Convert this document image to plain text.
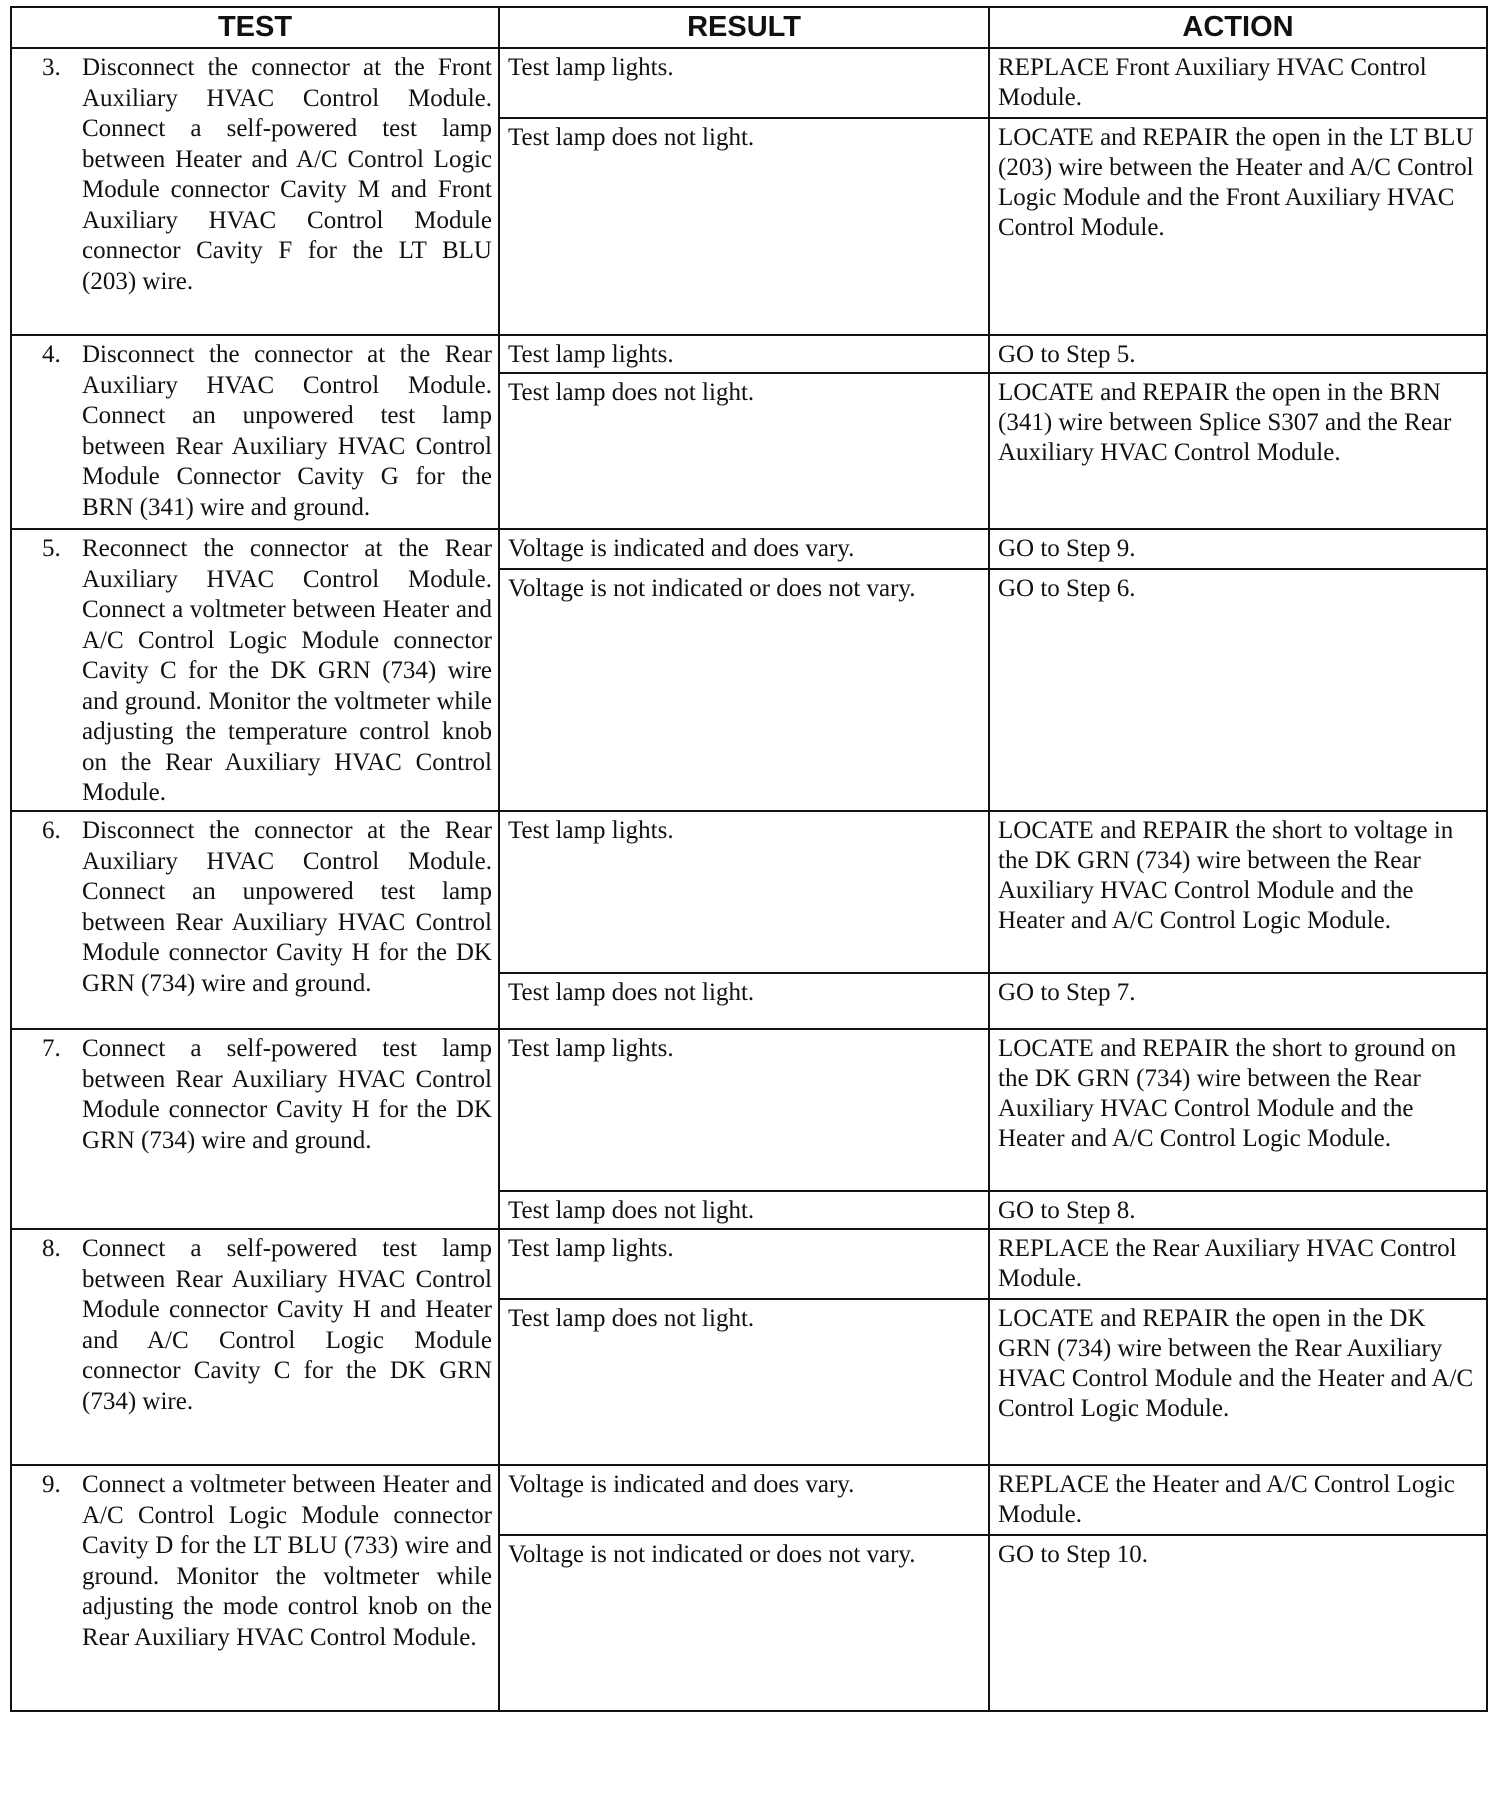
TEST	RESULT	ACTION

3. Disconnect the connector at the Front Auxiliary HVAC Control Module. Connect a self-powered test lamp between Heater and A/C Control Logic Module connector Cavity M and Front Auxiliary HVAC Control Module connector Cavity F for the LT BLU (203) wire.	Test lamp lights.	REPLACE Front Auxiliary HVAC Control Module.
	Test lamp does not light.	LOCATE and REPAIR the open in the LT BLU (203) wire between the Heater and A/C Control Logic Module and the Front Auxiliary HVAC Control Module.

4. Disconnect the connector at the Rear Auxiliary HVAC Control Module. Connect an unpowered test lamp between Rear Auxiliary HVAC Control Module Connector Cavity G for the BRN (341) wire and ground.	Test lamp lights.	GO to Step 5.
	Test lamp does not light.	LOCATE and REPAIR the open in the BRN (341) wire between Splice S307 and the Rear Auxiliary HVAC Control Module.

5. Reconnect the connector at the Rear Auxiliary HVAC Control Module. Connect a voltmeter between Heater and A/C Control Logic Module connector Cavity C for the DK GRN (734) wire and ground. Monitor the voltmeter while adjusting the temperature control knob on the Rear Auxiliary HVAC Control Module.	Voltage is indicated and does vary.	GO to Step 9.
	Voltage is not indicated or does not vary.	GO to Step 6.

6. Disconnect the connector at the Rear Auxiliary HVAC Control Module. Connect an unpowered test lamp between Rear Auxiliary HVAC Control Module connector Cavity H for the DK GRN (734) wire and ground.	Test lamp lights.	LOCATE and REPAIR the short to voltage in the DK GRN (734) wire between the Rear Auxiliary HVAC Control Module and the Heater and A/C Control Logic Module.
	Test lamp does not light.	GO to Step 7.

7. Connect a self-powered test lamp between Rear Auxiliary HVAC Control Module connector Cavity H for the DK GRN (734) wire and ground.	Test lamp lights.	LOCATE and REPAIR the short to ground on the DK GRN (734) wire between the Rear Auxiliary HVAC Control Module and the Heater and A/C Control Logic Module.
	Test lamp does not light.	GO to Step 8.

8. Connect a self-powered test lamp between Rear Auxiliary HVAC Control Module connector Cavity H and Heater and A/C Control Logic Module connector Cavity C for the DK GRN (734) wire.	Test lamp lights.	REPLACE the Rear Auxiliary HVAC Control Module.
	Test lamp does not light.	LOCATE and REPAIR the open in the DK GRN (734) wire between the Rear Auxiliary HVAC Control Module and the Heater and A/C Control Logic Module.

9. Connect a voltmeter between Heater and A/C Control Logic Module connector Cavity D for the LT BLU (733) wire and ground. Monitor the voltmeter while adjusting the mode control knob on the Rear Auxiliary HVAC Control Module.	Voltage is indicated and does vary.	REPLACE the Heater and A/C Control Logic Module.
	Voltage is not indicated or does not vary.	GO to Step 10.
